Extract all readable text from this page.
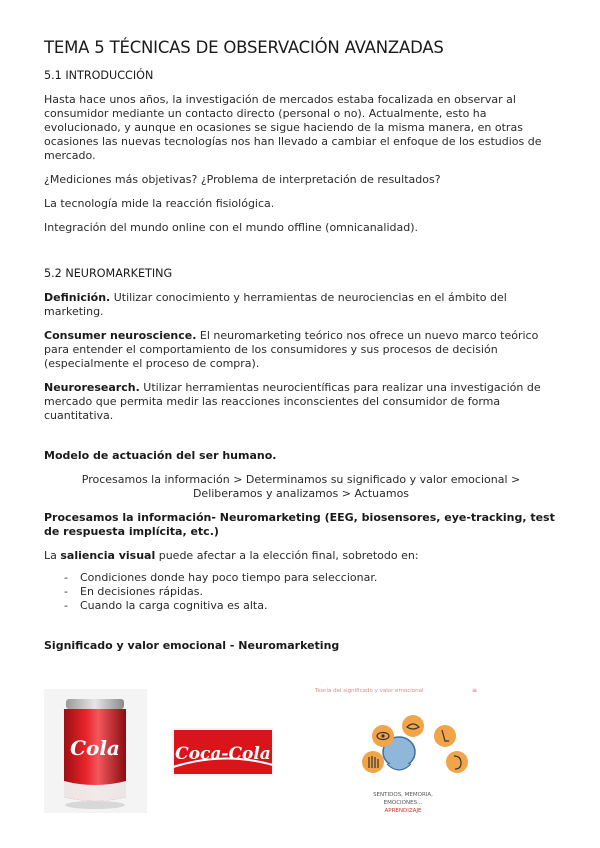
TEMA 5 TÉCNICAS DE OBSERVACIÓN AVANZADAS
5.1 INTRODUCCIÓN

Hasta hace unos años, la investigación de mercados estaba focalizada en observar al consumidor mediante un contacto directo (personal o no). Actualmente, esto ha evolucionado, y aunque en ocasiones se sigue haciendo de la misma manera, en otras ocasiones las nuevas tecnologías nos han llevado a cambiar el enfoque de los estudios de mercado.

¿Mediciones más objetivas? ¿Problema de interpretación de resultados?

La tecnología mide la reacción fisiológica.

Integración del mundo online con el mundo offline (omnicanalidad).

5.2 NEUROMARKETING

Definición. Utilizar conocimiento y herramientas de neurociencias en el ámbito del marketing.

Consumer neuroscience. El neuromarketing teórico nos ofrece un nuevo marco teórico para entender el comportamiento de los consumidores y sus procesos de decisión (especialmente el proceso de compra).

Neuroresearch. Utilizar herramientas neurocientíficas para realizar una investigación de mercado que permita medir las reacciones inconscientes del consumidor de forma cuantitativa.

Modelo de actuación del ser humano.

Procesamos la información > Determinamos su significado y valor emocional > Deliberamos y analizamos > Actuamos

Procesamos la información- Neuromarketing (EEG, biosensores, eye-tracking, test de respuesta implícita, etc.)

La saliencia visual puede afectar a la elección final, sobretodo en:

- Condiciones donde hay poco tiempo para seleccionar.
- En decisiones rápidas.
- Cuando la carga cognitiva es alta.

Significado y valor emocional - Neuromarketing

Cola	Coca-Cola
Teoría del significado y valor emocional	≡
SENTIDOS, MEMORIA,
EMOCIONES...
APRENDIZAJE
